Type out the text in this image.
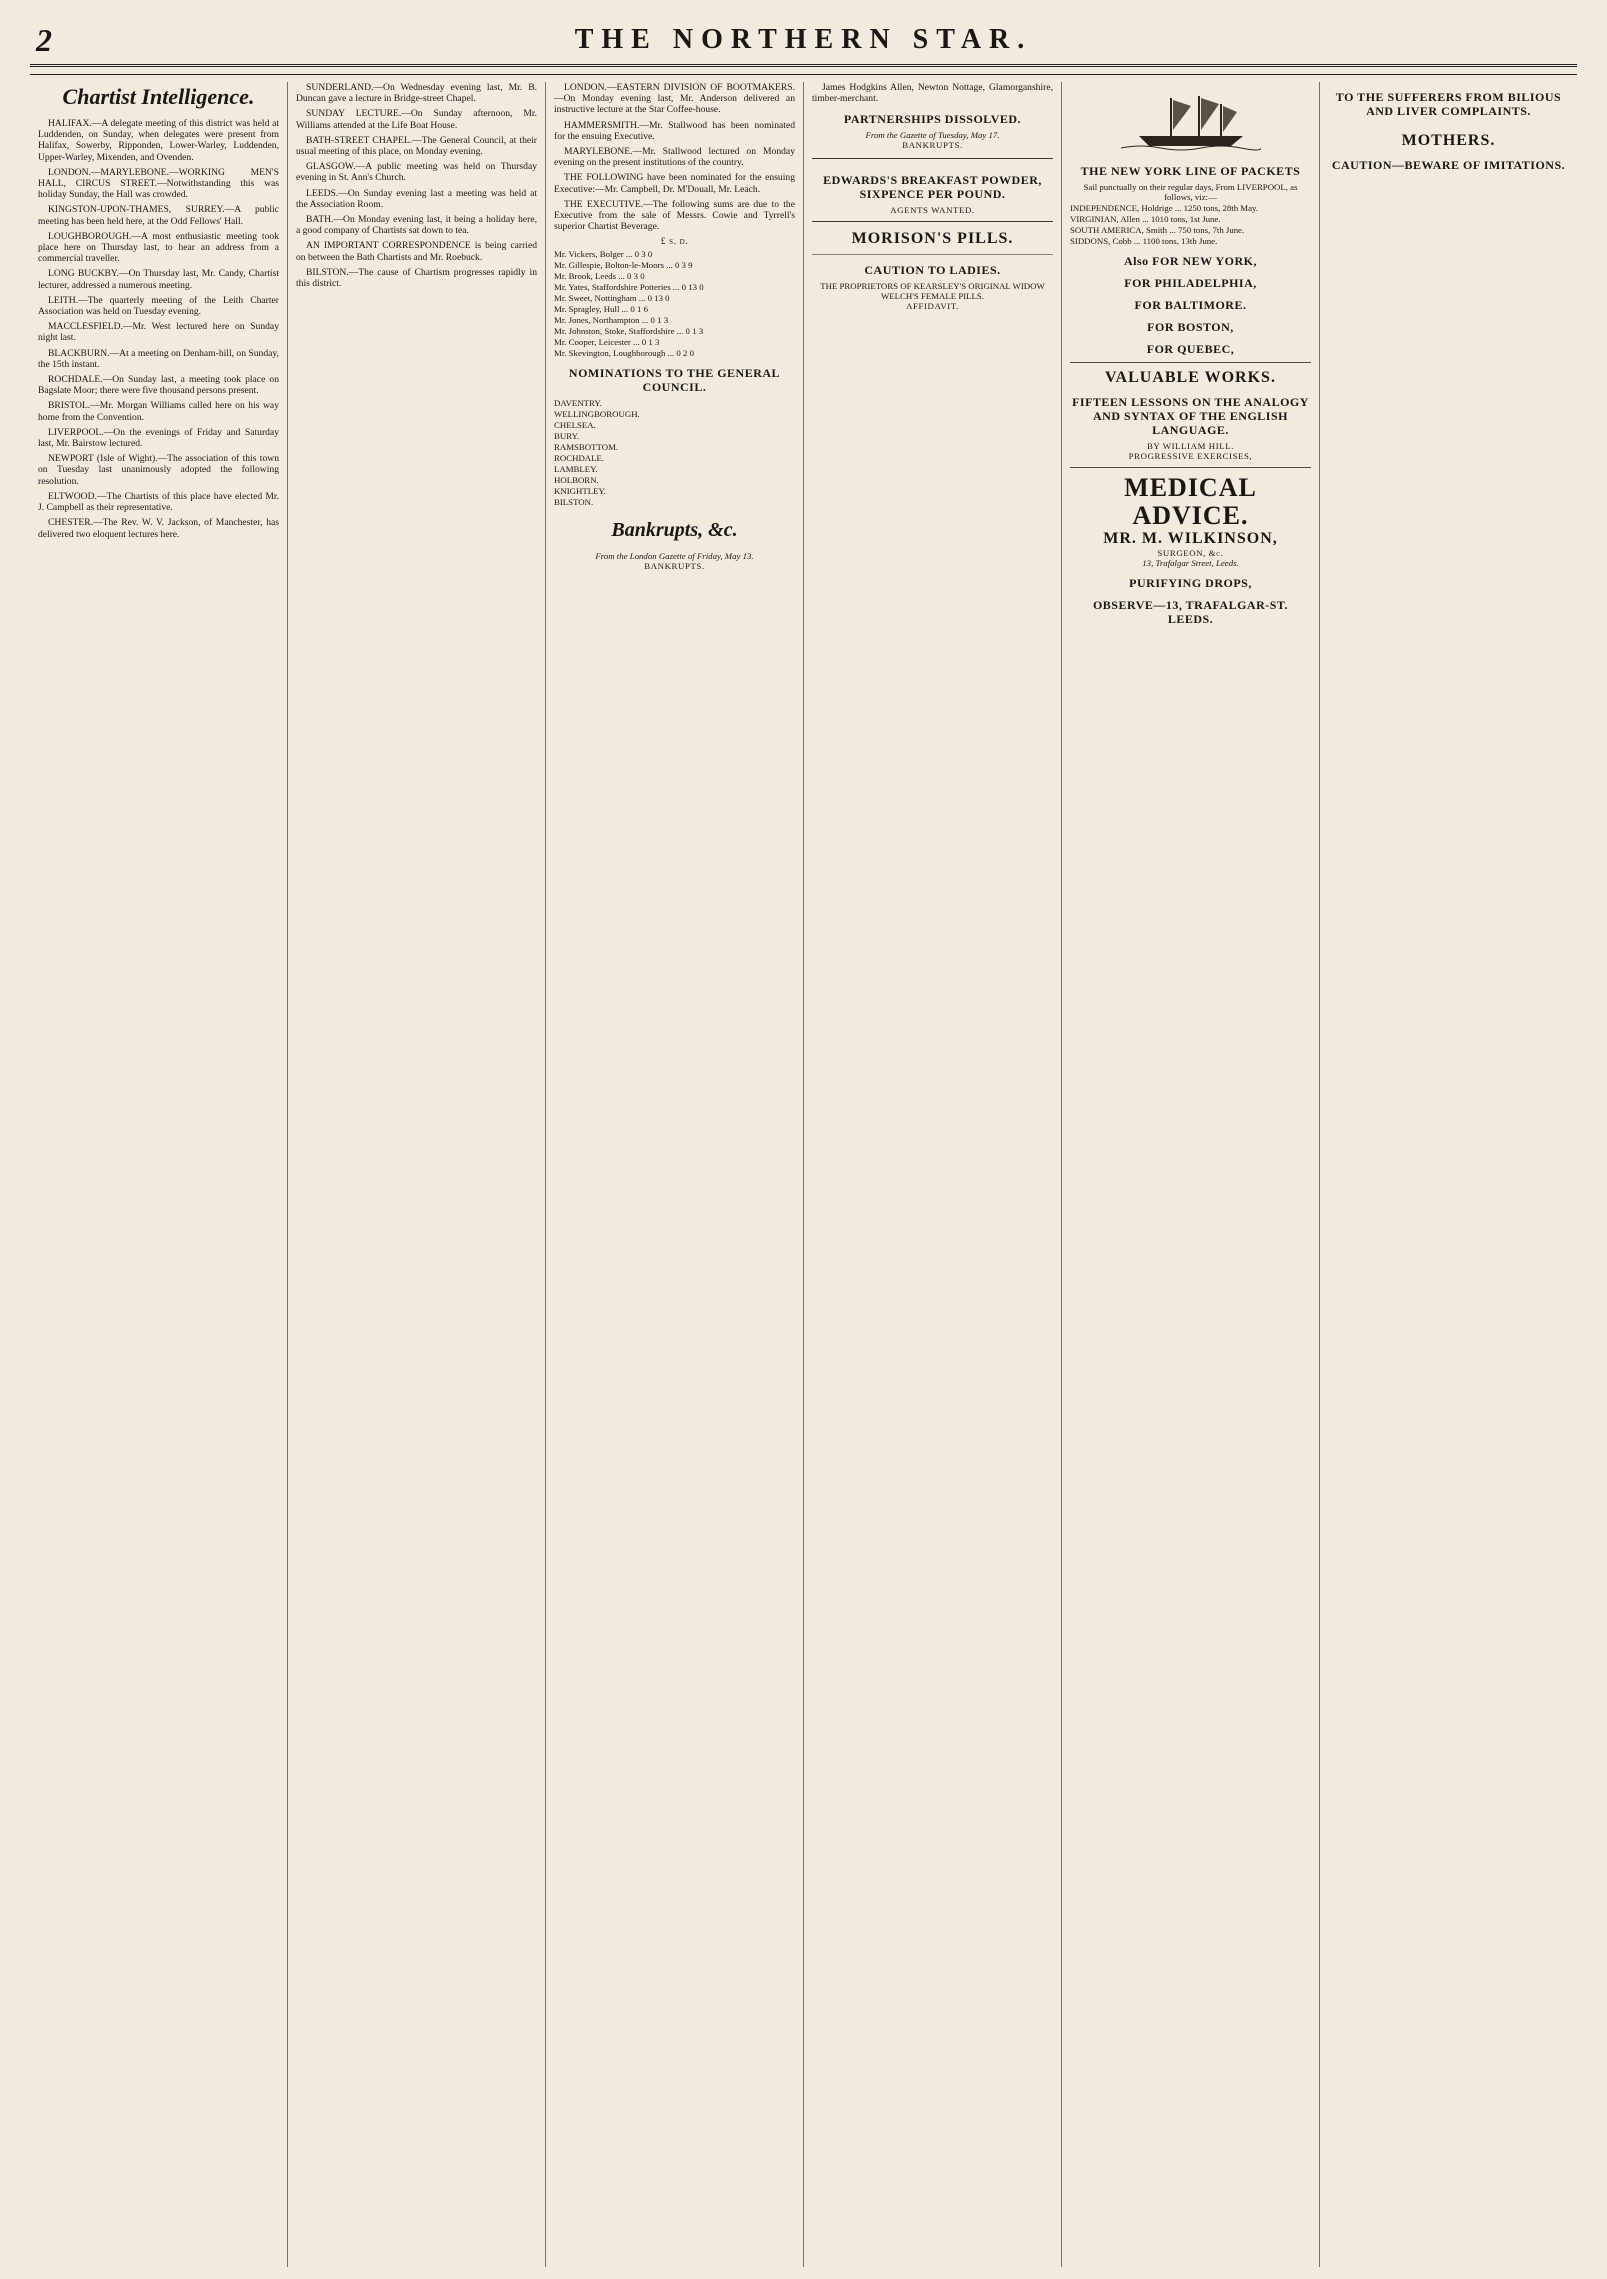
2	THE NORTHERN STAR.
Chartist Intelligence.
HALIFAX.—A delegate meeting of this district was held at Luddenden, on Sunday, when delegates were present from Halifax, Sowerby, Ripponden, Lower-Warley, Luddenden, Upper-Warley, Mixenden, and Ovenden.
LONDON.—MARYLEBONE.—WORKING MEN'S HALL, CIRCUS STREET.—Notwithstanding this was holiday Sunday, the Hall was crowded.
KINGSTON-UPON-THAMES, SURREY.—A public meeting has been held here, at the Odd Fellows' Hall.
LOUGHBOROUGH.—A most enthusiastic meeting took place here on Thursday last, to hear an address from a commercial traveller.
LONG BUCKBY.—On Thursday last, Mr. Candy, Chartist lecturer, addressed a numerous meeting.
LEITH.—The quarterly meeting of the Leith Charter Association was held on Tuesday evening.
MACCLESFIELD.—Mr. West lectured here on Sunday night last.
BLACKBURN.—At a meeting on Denham-hill, on Sunday, the 15th instant.
ROCHDALE.—On Sunday last, a meeting took place on Bagslate Moor; there were five thousand persons present.
BRISTOL.—Mr. Morgan Williams called here on his way home from the Convention.
LIVERPOOL.—On the evenings of Friday and Saturday last, Mr. Bairstow lectured.
NEWPORT (Isle of Wight).—The association of this town on Tuesday last unanimously adopted the following resolution.
ELTWOOD.—The Chartists of this place have elected Mr. J. Campbell as their representative.
CHESTER.—The Rev. W. V. Jackson, of Manchester, has delivered two eloquent lectures here.
SUNDERLAND.—On Wednesday evening last, Mr. B. Duncan gave a lecture in Bridge-street Chapel.
SUNDAY LECTURE.—On Sunday afternoon, Mr. Williams attended at the Life Boat House.
BATH-STREET CHAPEL.—The General Council, at their usual meeting of this place, on Monday evening.
GLASGOW.—A public meeting was held on Thursday evening in St. Ann's Church.
LEEDS.—On Sunday evening last a meeting was held at the Association Room.
BATH.—On Monday evening last, it being a holiday here, a good company of Chartists sat down to tea.
AN IMPORTANT CORRESPONDENCE is being carried on between the Bath Chartists and Mr. Roebuck.
BILSTON.—The cause of Chartism progresses rapidly in this district.
LONDON.—EASTERN DIVISION OF BOOTMAKERS.—On Monday evening last, Mr. Anderson delivered an instructive lecture at the Star Coffee-house.
HAMMERSMITH.—Mr. Stallwood has been nominated for the ensuing Executive.
MARYLEBONE.—Mr. Stallwood lectured on Monday evening on the present institutions of the country.
THE FOLLOWING have been nominated for the ensuing Executive:—Mr. Campbell, Dr. M'Douall, Mr. Leach.
THE EXECUTIVE.—The following sums are due to the Executive from the sale of Messrs. Cowie and Tyrrell's superior Chartist Beverage.
£ s. d.
Mr. Vickers, Bolger ... 0 3 0
Mr. Gillespie, Bolton-le-Moors ... 0 3 9
Mr. Brook, Leeds ... 0 3 0
Mr. Yates, Staffordshire Potteries ... 0 13 0
Mr. Sweet, Nottingham ... 0 13 0
Mr. Spragley, Hull ... 0 1 6
Mr. Jones, Northampton ... 0 1 3
Mr. Johnston, Stoke, Staffordshire ... 0 1 3
Mr. Cooper, Leicester ... 0 1 3
Mr. Skevington, Loughborough ... 0 2 0
NOMINATIONS TO THE GENERAL COUNCIL.
DAVENTRY.
WELLINGBOROUGH.
CHELSEA.
BURY.
RAMSBOTTOM.
ROCHDALE.
LAMBLEY.
HOLBORN.
KNIGHTLEY.
BILSTON.
Bankrupts, &c.
From the London Gazette of Friday, May 13.
BANKRUPTS.
James Hodgkins Allen, Newton Nottage, Glamorganshire, timber-merchant.
PARTNERSHIPS DISSOLVED.
From the Gazette of Tuesday, May 17.
BANKRUPTS.
EDWARDS'S BREAKFAST POWDER, SIXPENCE PER POUND.
AGENTS WANTED.
MORISON'S PILLS.
CAUTION TO LADIES.
THE PROPRIETORS OF KEARSLEY'S ORIGINAL WIDOW WELCH'S FEMALE PILLS.
AFFIDAVIT.
THE NEW YORK LINE OF PACKETS
Sail punctually on their regular days, From LIVERPOOL, as follows, viz:—
INDEPENDENCE, Holdrige ... 1250 tons, 28th May.
VIRGINIAN, Allen ... 1010 tons, 1st June.
SOUTH AMERICA, Smith ... 750 tons, 7th June.
SIDDONS, Cobb ... 1100 tons, 13th June.
Also FOR NEW YORK,
FOR PHILADELPHIA,
FOR BALTIMORE.
FOR BOSTON,
FOR QUEBEC,
VALUABLE WORKS.
FIFTEEN LESSONS ON THE ANALOGY AND SYNTAX OF THE ENGLISH LANGUAGE.
BY WILLIAM HILL.
PROGRESSIVE EXERCISES,
MEDICAL ADVICE.
MR. M. WILKINSON,
SURGEON, &c.
13, Trafalgar Street, Leeds.
PURIFYING DROPS,
OBSERVE—13, TRAFALGAR-ST. LEEDS.
TO THE SUFFERERS FROM BILIOUS AND LIVER COMPLAINTS.
MOTHERS.
CAUTION—BEWARE OF IMITATIONS.
